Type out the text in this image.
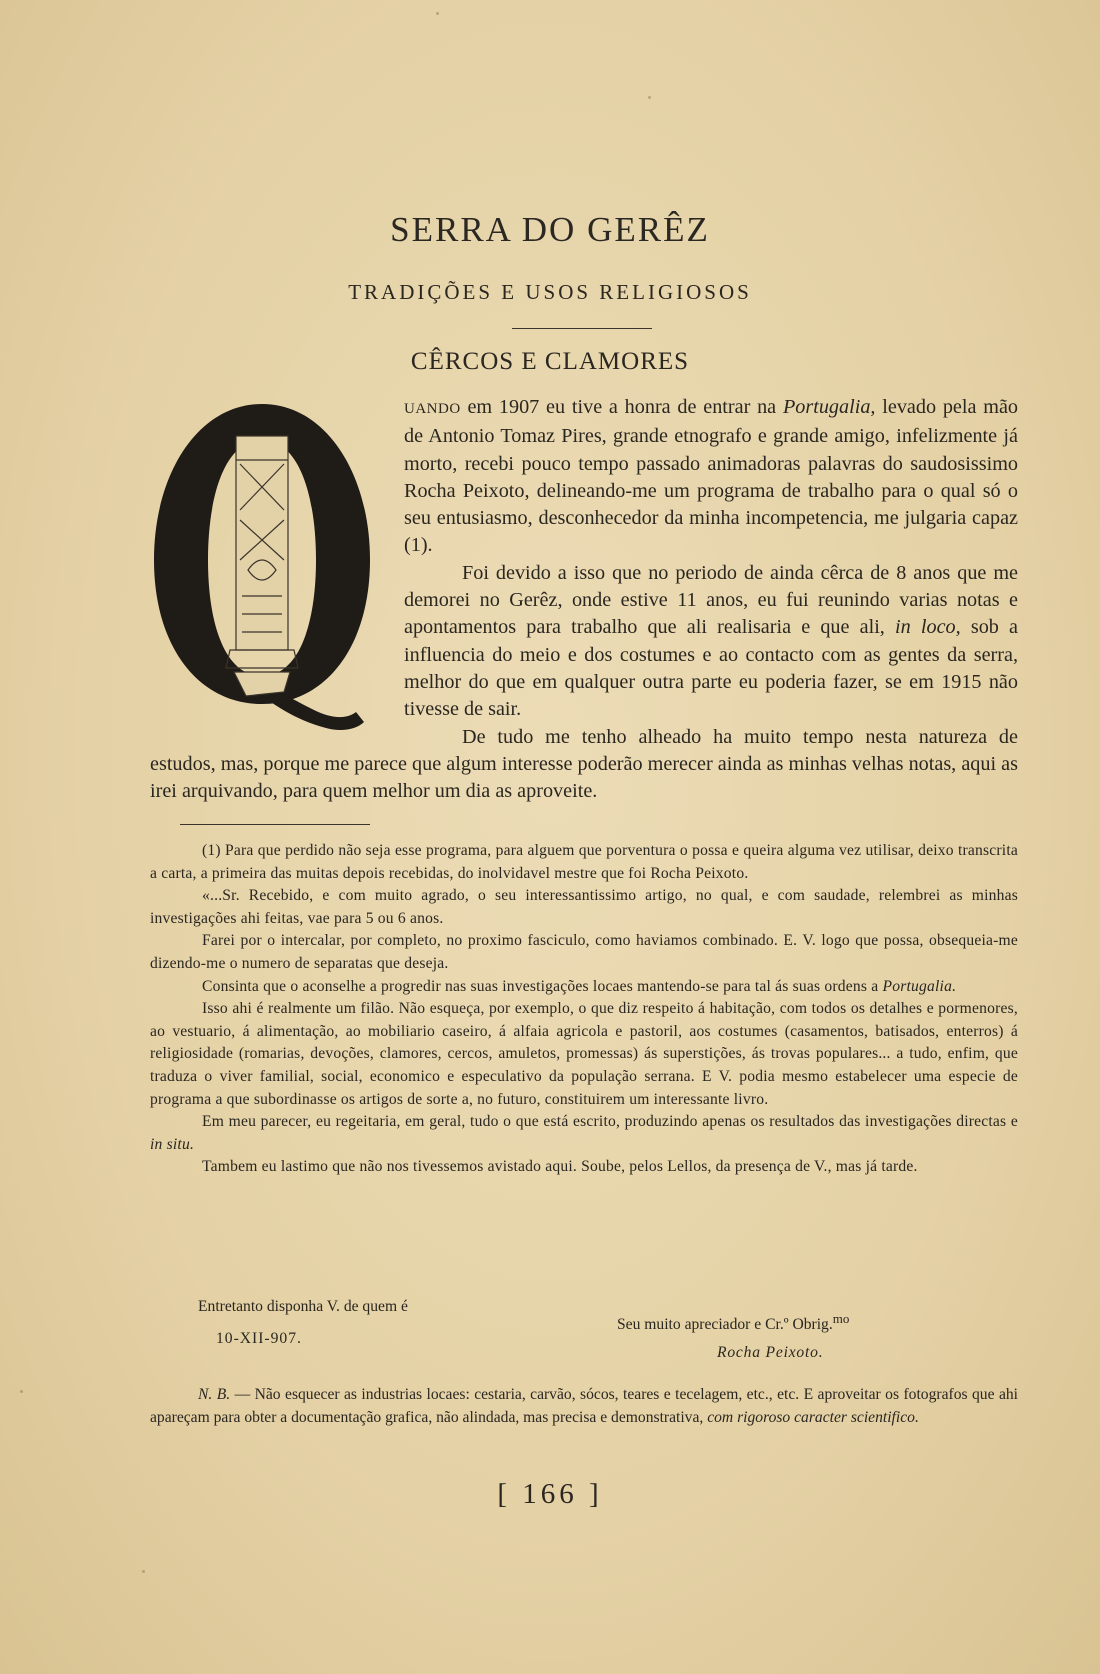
SERRA DO GERÊZ
TRADIÇÕES E USOS RELIGIOSOS
CÊRCOS E CLAMORES

UANDO em 1907 eu tive a honra de entrar na Portugalia, levado pela mão de Antonio Tomaz Pires, grande etnografo e grande amigo, infelizmente já morto, recebi pouco tempo passado animadoras palavras do saudosissimo Rocha Peixoto, delineando-me um programa de trabalho para o qual só o seu entusiasmo, desconhecedor da minha incompetencia, me julgaria capaz (1).

Foi devido a isso que no periodo de ainda cêrca de 8 anos que me demorei no Gerêz, onde estive 11 anos, eu fui reunindo varias notas e apontamentos para trabalho que ali realisaria e que ali, in loco, sob a influencia do meio e dos costumes e ao contacto com as gentes da serra, melhor do que em qualquer outra parte eu poderia fazer, se em 1915 não tivesse de sair.

De tudo me tenho alheado ha muito tempo nesta natureza de estudos, mas, porque me parece que algum interesse poderão merecer ainda as minhas velhas notas, aqui as irei arquivando, para quem melhor um dia as aproveite.

(1) Para que perdido não seja esse programa, para alguem que porventura o possa e queira alguma vez utilisar, deixo transcrita a carta, a primeira das muitas depois recebidas, do inolvidavel mestre que foi Rocha Peixoto.

«...Sr. Recebido, e com muito agrado, o seu interessantissimo artigo, no qual, e com saudade, relembrei as minhas investigações ahi feitas, vae para 5 ou 6 anos.

Farei por o intercalar, por completo, no proximo fasciculo, como haviamos combinado. E. V. logo que possa, obsequeia-me dizendo-me o numero de separatas que deseja.

Consinta que o aconselhe a progredir nas suas investigações locaes mantendo-se para tal ás suas ordens a Portugalia.

Isso ahi é realmente um filão. Não esqueça, por exemplo, o que diz respeito á habitação, com todos os detalhes e pormenores, ao vestuario, á alimentação, ao mobiliario caseiro, á alfaia agricola e pastoril, aos costumes (casamentos, batisados, enterros) á religiosidade (romarias, devoções, clamores, cercos, amuletos, promessas) ás superstições, ás trovas populares... a tudo, enfim, que traduza o viver familial, social, economico e especulativo da população serrana. E V. podia mesmo estabelecer uma especie de programa a que subordinasse os artigos de sorte a, no futuro, constituirem um interessante livro.

Em meu parecer, eu regeitaria, em geral, tudo o que está escrito, produzindo apenas os resultados das investigações directas e in situ.

Tambem eu lastimo que não nos tivessemos avistado aqui. Soube, pelos Lellos, da presença de V., mas já tarde.

Entretanto disponha V. de quem é
10-XII-907.
Seu muito apreciador e Cr.º Obrig.$^{mo}$
Rocha Peixoto.

N. B. — Não esquecer as industrias locaes: cestaria, carvão, sócos, teares e tecelagem, etc., etc. E aproveitar os fotografos que ahi apareçam para obter a documentação grafica, não alindada, mas precisa e demonstrativa, com rigoroso caracter scientifico.

[ 166 ]
